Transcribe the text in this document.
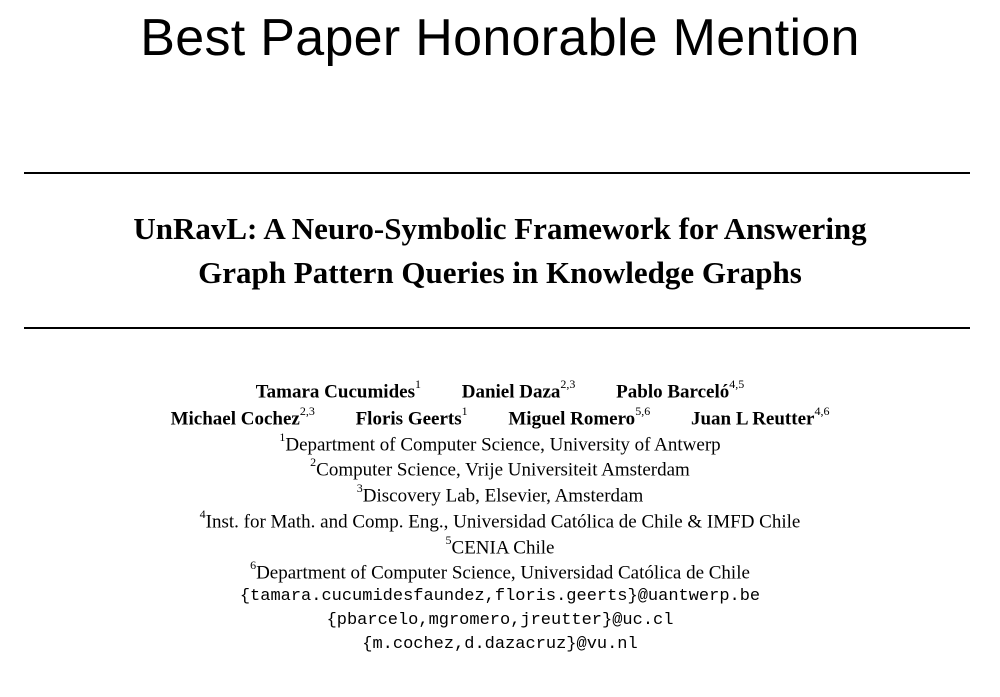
Best Paper Honorable Mention
UnRavL: A Neuro-Symbolic Framework for Answering
Graph Pattern Queries in Knowledge Graphs
Tamara Cucumides$^1$ Daniel Daza$^{2,3}$ Pablo Barceló$^{4,5}$
Michael Cochez$^{2,3}$ Floris Geerts$^1$ Miguel Romero$^{5,6}$ Juan L Reutter$^{4,6}$
$^1$Department of Computer Science, University of Antwerp
$^2$Computer Science, Vrije Universiteit Amsterdam
$^3$Discovery Lab, Elsevier, Amsterdam
$^4$Inst. for Math. and Comp. Eng., Universidad Católica de Chile & IMFD Chile
$^5$CENIA Chile
$^6$Department of Computer Science, Universidad Católica de Chile
{tamara.cucumidesfaundez,floris.geerts}@uantwerp.be
{pbarcelo,mgromero,jreutter}@uc.cl
{m.cochez,d.dazacruz}@vu.nl
